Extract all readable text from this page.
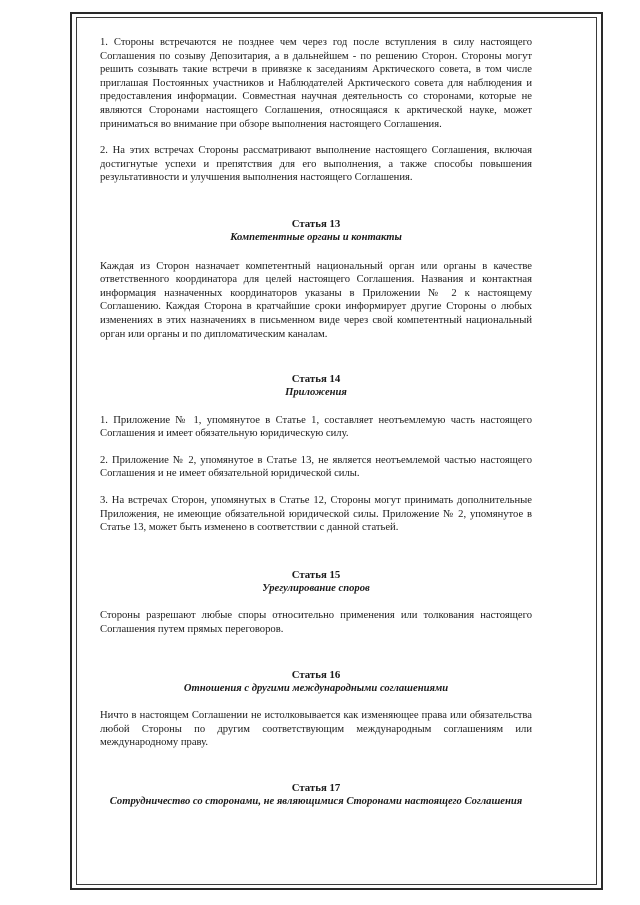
1. Стороны встречаются не позднее чем через год после вступления в силу настоящего Соглашения по созыву Депозитария, а в дальнейшем - по решению Сторон. Стороны могут решить созывать такие встречи в привязке к заседаниям Арктического совета, в том числе приглашая Постоянных участников и Наблюдателей Арктического совета для наблюдения и предоставления информации. Совместная научная деятельность со сторонами, которые не являются Сторонами настоящего Соглашения, относящаяся к арктической науке, может приниматься во внимание при обзоре выполнения настоящего Соглашения.

2. На этих встречах Стороны рассматривают выполнение настоящего Соглашения, включая достигнутые успехи и препятствия для его выполнения, а также способы повышения результативности и улучшения выполнения настоящего Соглашения.

Статья 13
Компетентные органы и контакты

Каждая из Сторон назначает компетентный национальный орган или органы в качестве ответственного координатора для целей настоящего Соглашения. Названия и контактная информация назначенных координаторов указаны в Приложении № 2 к настоящему Соглашению. Каждая Сторона в кратчайшие сроки информирует другие Стороны о любых изменениях в этих назначениях в письменном виде через свой компетентный национальный орган или органы и по дипломатическим каналам.

Статья 14
Приложения

1. Приложение № 1, упомянутое в Статье 1, составляет неотъемлемую часть настоящего Соглашения и имеет обязательную юридическую силу.

2. Приложение № 2, упомянутое в Статье 13, не является неотъемлемой частью настоящего Соглашения и не имеет обязательной юридической силы.

3. На встречах Сторон, упомянутых в Статье 12, Стороны могут принимать дополнительные Приложения, не имеющие обязательной юридической силы. Приложение № 2, упомянутое в Статье 13, может быть изменено в соответствии с данной статьей.

Статья 15
Урегулирование споров

Стороны разрешают любые споры относительно применения или толкования настоящего Соглашения путем прямых переговоров.

Статья 16
Отношения с другими международными соглашениями

Ничто в настоящем Соглашении не истолковывается как изменяющее права или обязательства любой Стороны по другим соответствующим международным соглашениям или международному праву.

Статья 17
Сотрудничество со сторонами, не являющимися Сторонами настоящего Соглашения
